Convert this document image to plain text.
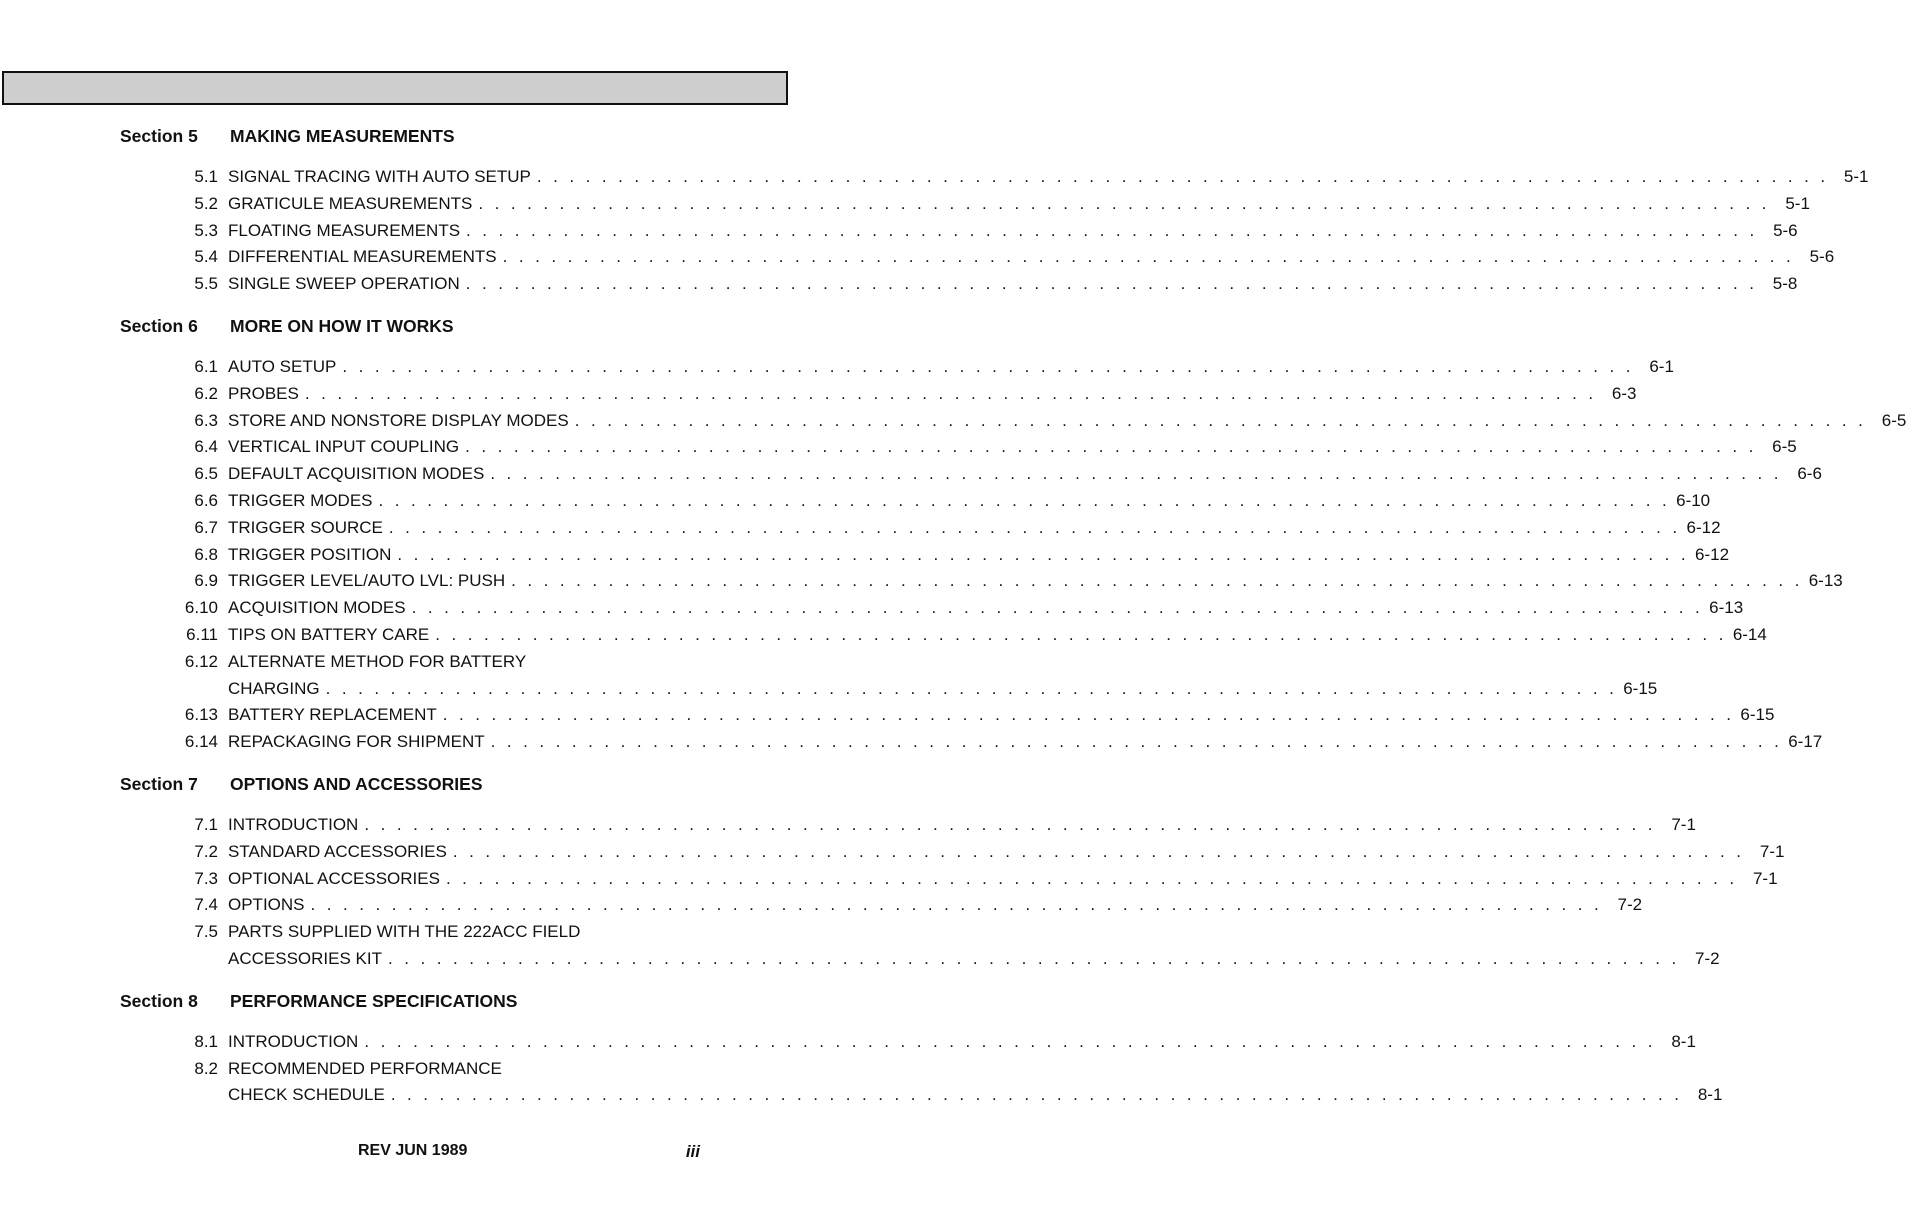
Section 5	MAKING MEASUREMENTS
5.1 SIGNAL TRACING WITH AUTO SETUP . . . . . . . . . . . . . . . . . . . . . . . . . . . . . . . . . . . . . . . . . . . . . . . . . . . . . . . . . . . . . . . . . . . . . . . . . . . . . . . . 5-1
5.2 GRATICULE MEASUREMENTS . . . . . . . . . . . . . . . . . . . . . . . . . . . . . . . . . . . . . . . . . . . . . . . . . . . . . . . . . . . . . . . . . . . . . . . . . . . . . . . . 5-1
5.3 FLOATING MEASUREMENTS . . . . . . . . . . . . . . . . . . . . . . . . . . . . . . . . . . . . . . . . . . . . . . . . . . . . . . . . . . . . . . . . . . . . . . . . . . . . . . . . 5-6
5.4 DIFFERENTIAL MEASUREMENTS . . . . . . . . . . . . . . . . . . . . . . . . . . . . . . . . . . . . . . . . . . . . . . . . . . . . . . . . . . . . . . . . . . . . . . . . . . . . . . . . 5-6
5.5 SINGLE SWEEP OPERATION . . . . . . . . . . . . . . . . . . . . . . . . . . . . . . . . . . . . . . . . . . . . . . . . . . . . . . . . . . . . . . . . . . . . . . . . . . . . . . . . 5-8
Section 6	MORE ON HOW IT WORKS
6.1 AUTO SETUP . . . . . . . . . . . . . . . . . . . . . . . . . . . . . . . . . . . . . . . . . . . . . . . . . . . . . . . . . . . . . . . . . . . . . . . . . . . . . . . . 6-1
6.2 PROBES . . . . . . . . . . . . . . . . . . . . . . . . . . . . . . . . . . . . . . . . . . . . . . . . . . . . . . . . . . . . . . . . . . . . . . . . . . . . . . . . 6-3
6.3 STORE AND NONSTORE DISPLAY MODES . . . . . . . . . . . . . . . . . . . . . . . . . . . . . . . . . . . . . . . . . . . . . . . . . . . . . . . . . . . . . . . . . . . . . . . . . . . . . . . . 6-5
6.4 VERTICAL INPUT COUPLING . . . . . . . . . . . . . . . . . . . . . . . . . . . . . . . . . . . . . . . . . . . . . . . . . . . . . . . . . . . . . . . . . . . . . . . . . . . . . . . . 6-5
6.5 DEFAULT ACQUISITION MODES . . . . . . . . . . . . . . . . . . . . . . . . . . . . . . . . . . . . . . . . . . . . . . . . . . . . . . . . . . . . . . . . . . . . . . . . . . . . . . . . 6-6
6.6 TRIGGER MODES . . . . . . . . . . . . . . . . . . . . . . . . . . . . . . . . . . . . . . . . . . . . . . . . . . . . . . . . . . . . . . . . . . . . . . . . . . . . . . . . 6-10
6.7 TRIGGER SOURCE . . . . . . . . . . . . . . . . . . . . . . . . . . . . . . . . . . . . . . . . . . . . . . . . . . . . . . . . . . . . . . . . . . . . . . . . . . . . . . . . 6-12
6.8 TRIGGER POSITION . . . . . . . . . . . . . . . . . . . . . . . . . . . . . . . . . . . . . . . . . . . . . . . . . . . . . . . . . . . . . . . . . . . . . . . . . . . . . . . . 6-12
6.9 TRIGGER LEVEL/AUTO LVL: PUSH . . . . . . . . . . . . . . . . . . . . . . . . . . . . . . . . . . . . . . . . . . . . . . . . . . . . . . . . . . . . . . . . . . . . . . . . . . . . . . . . 6-13
6.10 ACQUISITION MODES . . . . . . . . . . . . . . . . . . . . . . . . . . . . . . . . . . . . . . . . . . . . . . . . . . . . . . . . . . . . . . . . . . . . . . . . . . . . . . . . 6-13
6.11 TIPS ON BATTERY CARE . . . . . . . . . . . . . . . . . . . . . . . . . . . . . . . . . . . . . . . . . . . . . . . . . . . . . . . . . . . . . . . . . . . . . . . . . . . . . . . . 6-14
6.12 ALTERNATE METHOD FOR BATTERY
CHARGING . . . . . . . . . . . . . . . . . . . . . . . . . . . . . . . . . . . . . . . . . . . . . . . . . . . . . . . . . . . . . . . . . . . . . . . . . . . . . . . . 6-15
6.13 BATTERY REPLACEMENT . . . . . . . . . . . . . . . . . . . . . . . . . . . . . . . . . . . . . . . . . . . . . . . . . . . . . . . . . . . . . . . . . . . . . . . . . . . . . . . . 6-15
6.14 REPACKAGING FOR SHIPMENT . . . . . . . . . . . . . . . . . . . . . . . . . . . . . . . . . . . . . . . . . . . . . . . . . . . . . . . . . . . . . . . . . . . . . . . . . . . . . . . . 6-17
Section 7	OPTIONS AND ACCESSORIES
7.1 INTRODUCTION . . . . . . . . . . . . . . . . . . . . . . . . . . . . . . . . . . . . . . . . . . . . . . . . . . . . . . . . . . . . . . . . . . . . . . . . . . . . . . . . 7-1
7.2 STANDARD ACCESSORIES . . . . . . . . . . . . . . . . . . . . . . . . . . . . . . . . . . . . . . . . . . . . . . . . . . . . . . . . . . . . . . . . . . . . . . . . . . . . . . . . 7-1
7.3 OPTIONAL ACCESSORIES . . . . . . . . . . . . . . . . . . . . . . . . . . . . . . . . . . . . . . . . . . . . . . . . . . . . . . . . . . . . . . . . . . . . . . . . . . . . . . . . 7-1
7.4 OPTIONS . . . . . . . . . . . . . . . . . . . . . . . . . . . . . . . . . . . . . . . . . . . . . . . . . . . . . . . . . . . . . . . . . . . . . . . . . . . . . . . . 7-2
7.5 PARTS SUPPLIED WITH THE 222ACC FIELD
ACCESSORIES KIT . . . . . . . . . . . . . . . . . . . . . . . . . . . . . . . . . . . . . . . . . . . . . . . . . . . . . . . . . . . . . . . . . . . . . . . . . . . . . . . . 7-2
Section 8	PERFORMANCE SPECIFICATIONS
8.1 INTRODUCTION . . . . . . . . . . . . . . . . . . . . . . . . . . . . . . . . . . . . . . . . . . . . . . . . . . . . . . . . . . . . . . . . . . . . . . . . . . . . . . . . 8-1
8.2 RECOMMENDED PERFORMANCE
CHECK SCHEDULE . . . . . . . . . . . . . . . . . . . . . . . . . . . . . . . . . . . . . . . . . . . . . . . . . . . . . . . . . . . . . . . . . . . . . . . . . . . . . . . . 8-1
REV JUN 1989	iii
